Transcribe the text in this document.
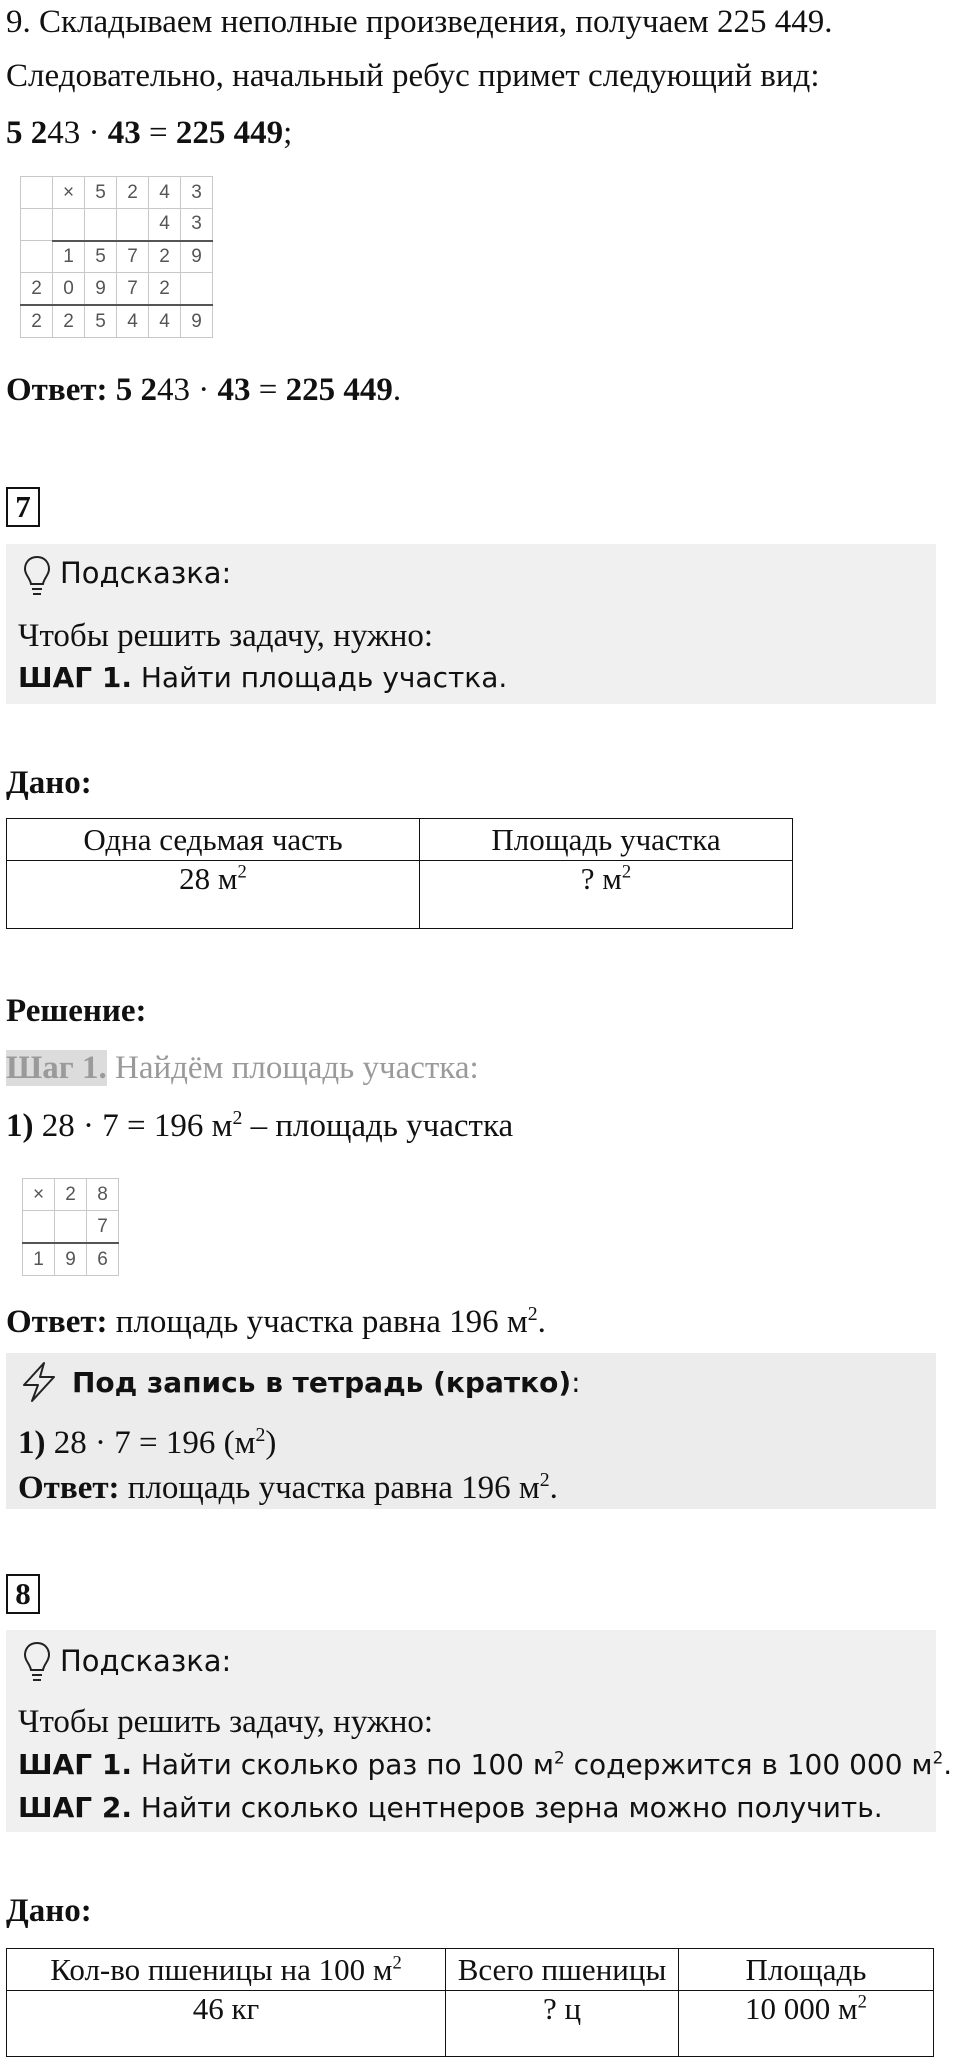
9. Складываем неполные произведения, получаем 225 449.
Следовательно, начальный ребус примет следующий вид:
5 243 · 43 = 225 449;
	×	5	2	4	3
				4	3
	1	5	7	2	9
2	0	9	7	2	
2	2	5	4	4	9
Ответ: 5 243 · 43 = 225 449.
7
Подсказка:
Чтобы решить задачу, нужно:
ШАГ 1. Найти площадь участка.
Дано:
Одна седьмая часть	Площадь участка
28 $м^2$	? $м^2$
Решение:
Шаг 1. Найдём площадь участка:
1) 28 · 7 = 196 $м^2$ – площадь участка
×	2	8
		7
1	9	6
Ответ: площадь участка равна 196 $м^2$.
Под запись в тетрадь (кратко):
1) 28 · 7 = 196 $(м^2)$
Ответ: площадь участка равна 196 $м^2$.
8
Подсказка:
Чтобы решить задачу, нужно:
ШАГ 1. Найти сколько раз по 100 $м^2$ содержится в 100 000 $м^2$.
ШАГ 2. Найти сколько центнеров зерна можно получить.
Дано:
Кол-во пшеницы на 100 $м^2$	Всего пшеницы	Площадь
46 кг	? ц	10 000 $м^2$
